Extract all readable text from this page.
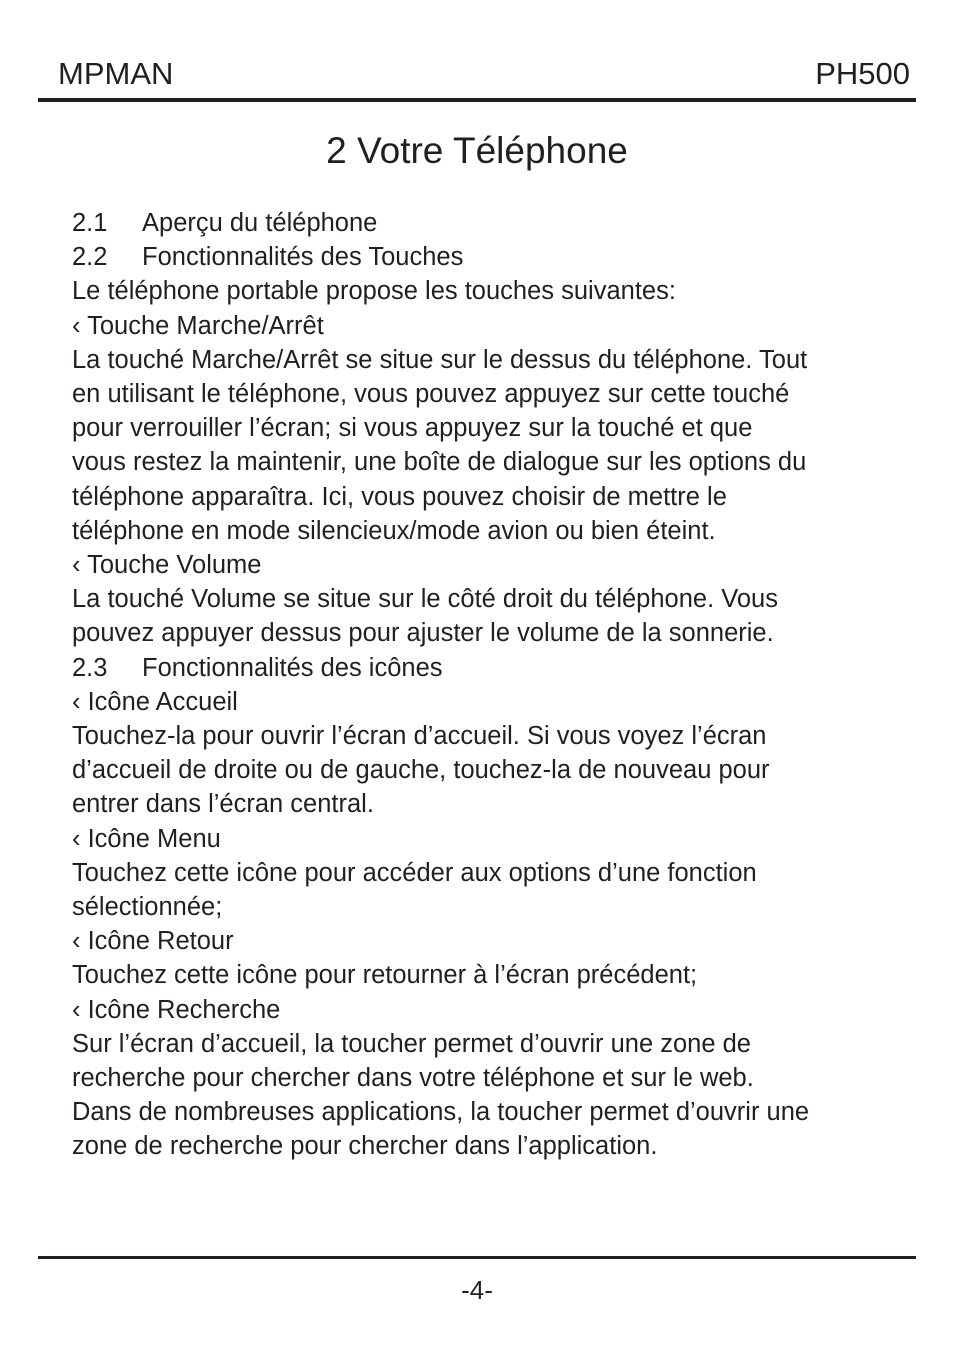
MPMAN	PH500
2 Votre Téléphone
2.1 Aperçu du téléphone
2.2 Fonctionnalités des Touches
Le téléphone portable propose les touches suivantes:
‹ Touche Marche/Arrêt
La touché Marche/Arrêt se situe sur le dessus du téléphone. Tout
en utilisant le téléphone, vous pouvez appuyez sur cette touché
pour verrouiller l’écran; si vous appuyez sur la touché et que
vous restez la maintenir, une boîte de dialogue sur les options du
téléphone apparaîtra. Ici, vous pouvez choisir de mettre le
téléphone en mode silencieux/mode avion ou bien éteint.
‹ Touche Volume
La touché Volume se situe sur le côté droit du téléphone. Vous
pouvez appuyer dessus pour ajuster le volume de la sonnerie.
2.3 Fonctionnalités des icônes
‹ Icône Accueil
Touchez-la pour ouvrir l’écran d’accueil. Si vous voyez l’écran
d’accueil de droite ou de gauche, touchez-la de nouveau pour
entrer dans l’écran central.
‹ Icône Menu
Touchez cette icône pour accéder aux options d’une fonction
sélectionnée;
‹ Icône Retour
Touchez cette icône pour retourner à l’écran précédent;
‹ Icône Recherche
Sur l’écran d’accueil, la toucher permet d’ouvrir une zone de
recherche pour chercher dans votre téléphone et sur le web.
Dans de nombreuses applications, la toucher permet d’ouvrir une
zone de recherche pour chercher dans l’application.
-4-
